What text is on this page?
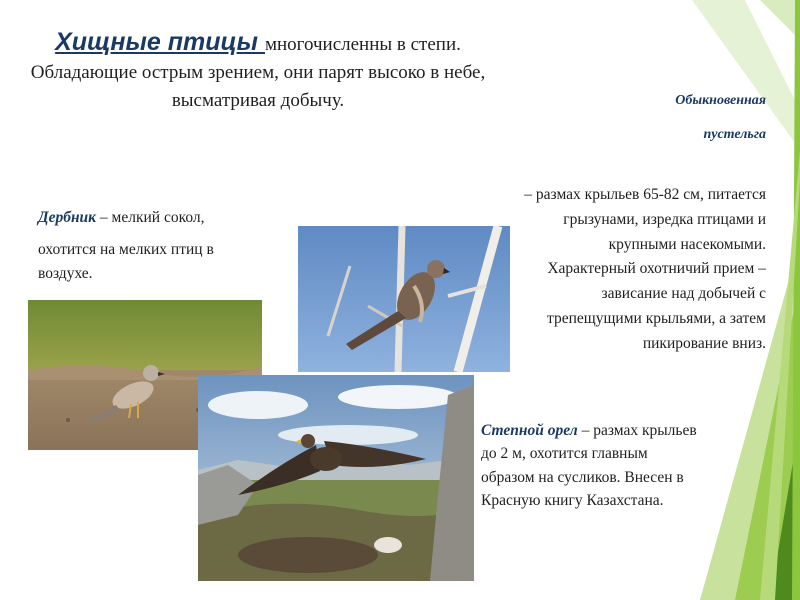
Хищные птицы многочисленны в степи. Обладающие острым зрением, они парят высоко в небе, высматривая добычу.	Обыкновенная
пустельга
– размах крыльев 65-82 см, питается грызунами, изредка птицами и крупными насекомыми. Характерный охотничий прием – зависание над добычей с трепещущими крыльями, а затем пикирование вниз.

Дербник – мелкий сокол,

охотится на мелких птиц в воздухе.

Степной орел – размах крыльев до 2 м, охотится главным образом на сусликов. Внесен в Красную книгу Казахстана.
